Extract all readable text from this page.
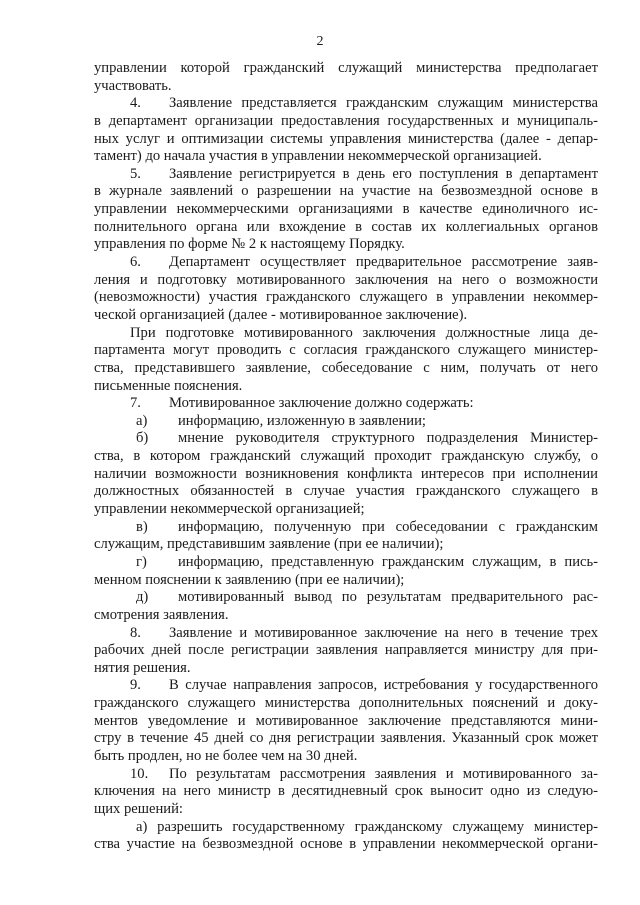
2
управлении которой гражданский служащий министерства предполагает
участвовать.
4. Заявление представляется гражданским служащим министерства
в департамент организации предоставления государственных и муниципаль-
ных услуг и оптимизации системы управления министерства (далее - депар-
тамент) до начала участия в управлении некоммерческой организацией.
5. Заявление регистрируется в день его поступления в департамент
в журнале заявлений о разрешении на участие на безвозмездной основе в
управлении некоммерческими организациями в качестве единоличного ис-
полнительного органа или вхождение в состав их коллегиальных органов
управления по форме № 2 к настоящему Порядку.
6. Департамент осуществляет предварительное рассмотрение заяв-
ления и подготовку мотивированного заключения на него о возможности
(невозможности) участия гражданского служащего в управлении некоммер-
ческой организацией (далее - мотивированное заключение).
При подготовке мотивированного заключения должностные лица де-
партамента могут проводить с согласия гражданского служащего министер-
ства, представившего заявление, собеседование с ним, получать от него
письменные пояснения.
7. Мотивированное заключение должно содержать:
а) информацию, изложенную в заявлении;
б) мнение руководителя структурного подразделения Министер-
ства, в котором гражданский служащий проходит гражданскую службу, о
наличии возможности возникновения конфликта интересов при исполнении
должностных обязанностей в случае участия гражданского служащего в
управлении некоммерческой организацией;
в) информацию, полученную при собеседовании с гражданским
служащим, представившим заявление (при ее наличии);
г) информацию, представленную гражданским служащим, в пись-
менном пояснении к заявлению (при ее наличии);
д) мотивированный вывод по результатам предварительного рас-
смотрения заявления.
8. Заявление и мотивированное заключение на него в течение трех
рабочих дней после регистрации заявления направляется министру для при-
нятия решения.
9. В случае направления запросов, истребования у государственного
гражданского служащего министерства дополнительных пояснений и доку-
ментов уведомление и мотивированное заключение представляются мини-
стру в течение 45 дней со дня регистрации заявления. Указанный срок может
быть продлен, но не более чем на 30 дней.
10. По результатам рассмотрения заявления и мотивированного за-
ключения на него министр в десятидневный срок выносит одно из следую-
щих решений:
а) разрешить государственному гражданскому служащему министер-
ства участие на безвозмездной основе в управлении некоммерческой органи-
